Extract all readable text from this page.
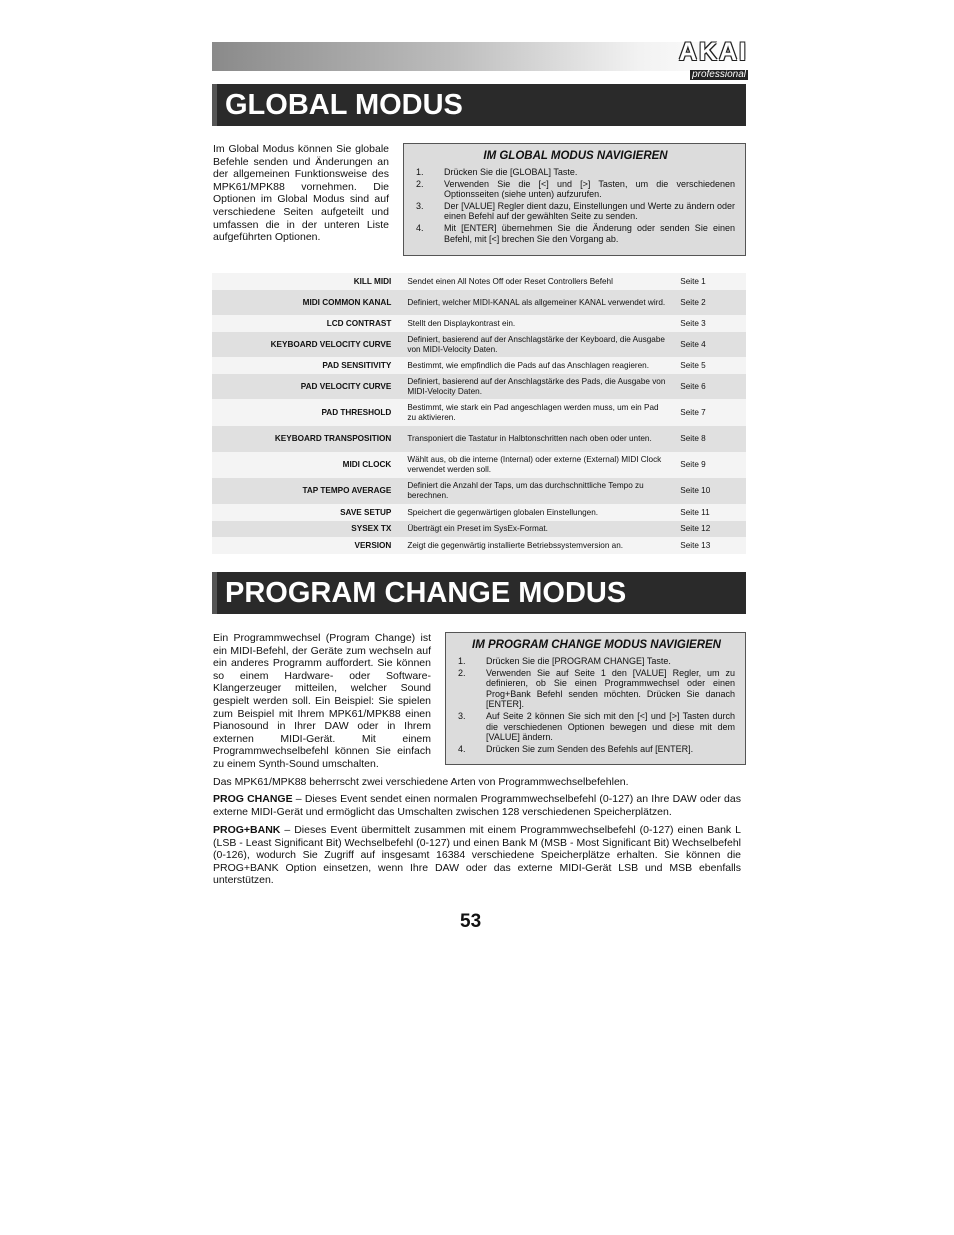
AKAI
professional
GLOBAL MODUS
Im Global Modus können Sie globale Befehle senden und Änderungen an der allgemeinen Funktionsweise des MPK61/MPK88 vornehmen. Die Optionen im Global Modus sind auf verschiedene Seiten aufgeteilt und umfassen die in der unteren Liste aufgeführten Optionen.
IM GLOBAL MODUS NAVIGIEREN
1.	Drücken Sie die [GLOBAL] Taste.
2.	Verwenden Sie die [<] und [>] Tasten, um die verschiedenen Optionsseiten (siehe unten) aufzurufen.
3.	Der [VALUE] Regler dient dazu, Einstellungen und Werte zu ändern oder einen Befehl auf der gewählten Seite zu senden.
4.	Mit [ENTER] übernehmen Sie die Änderung oder senden Sie einen Befehl, mit [<] brechen Sie den Vorgang ab.
KILL MIDI	Sendet einen All Notes Off oder Reset Controllers Befehl	Seite 1
MIDI COMMON KANAL	Definiert, welcher MIDI-KANAL als allgemeiner KANAL verwendet wird.	Seite 2
LCD CONTRAST	Stellt den Displaykontrast ein.	Seite 3
KEYBOARD VELOCITY CURVE	Definiert, basierend auf der Anschlagstärke der Keyboard, die Ausgabe von MIDI-Velocity Daten.	Seite 4
PAD SENSITIVITY	Bestimmt, wie empfindlich die Pads auf das Anschlagen reagieren.	Seite 5
PAD VELOCITY CURVE	Definiert, basierend auf der Anschlagstärke des Pads, die Ausgabe von MIDI-Velocity Daten.	Seite 6
PAD THRESHOLD	Bestimmt, wie stark ein Pad angeschlagen werden muss, um ein Pad zu aktivieren.	Seite 7
KEYBOARD TRANSPOSITION	Transponiert die Tastatur in Halbtonschritten nach oben oder unten.	Seite 8
MIDI CLOCK	Wählt aus, ob die interne (Internal) oder externe (External) MIDI Clock verwendet werden soll.	Seite 9
TAP TEMPO AVERAGE	Definiert die Anzahl der Taps, um das durchschnittliche Tempo zu berechnen.	Seite 10
SAVE SETUP	Speichert die gegenwärtigen globalen Einstellungen.	Seite 11
SYSEX TX	Überträgt ein Preset im SysEx-Format.	Seite 12
VERSION	Zeigt die gegenwärtig installierte Betriebssystemversion an.	Seite 13
PROGRAM CHANGE MODUS
Ein Programmwechsel (Program Change) ist ein MIDI-Befehl, der Geräte zum wechseln auf ein anderes Programm auffordert. Sie können so einem Hardware- oder Software-Klangerzeuger mitteilen, welcher Sound gespielt werden soll. Ein Beispiel: Sie spielen zum Beispiel mit Ihrem MPK61/MPK88 einen Pianosound in Ihrer DAW oder in Ihrem externen MIDI-Gerät. Mit einem Programmwechselbefehl können Sie einfach zu einem Synth-Sound umschalten.
IM PROGRAM CHANGE MODUS NAVIGIEREN
1.	Drücken Sie die [PROGRAM CHANGE] Taste.
2.	Verwenden Sie auf Seite 1 den [VALUE] Regler, um zu definieren, ob Sie einen Programmwechsel oder einen Prog+Bank Befehl senden möchten. Drücken Sie danach [ENTER].
3.	Auf Seite 2 können Sie sich mit den [<] und [>] Tasten durch die verschiedenen Optionen bewegen und diese mit dem [VALUE] ändern.
4.	Drücken Sie zum Senden des Befehls auf [ENTER].
Das MPK61/MPK88 beherrscht zwei verschiedene Arten von Programmwechselbefehlen.
PROG CHANGE – Dieses Event sendet einen normalen Programmwechselbefehl (0-127) an Ihre DAW oder das externe MIDI-Gerät und ermöglicht das Umschalten zwischen 128 verschiedenen Speicherplätzen.
PROG+BANK – Dieses Event übermittelt zusammen mit einem Programmwechselbefehl (0-127) einen Bank L (LSB - Least Significant Bit) Wechselbefehl (0-127) und einen Bank M (MSB - Most Significant Bit) Wechselbefehl (0-126), wodurch Sie Zugriff auf insgesamt 16384 verschiedene Speicherplätze erhalten. Sie können die PROG+BANK Option einsetzen, wenn Ihre DAW oder das externe MIDI-Gerät LSB und MSB ebenfalls unterstützen.
53
